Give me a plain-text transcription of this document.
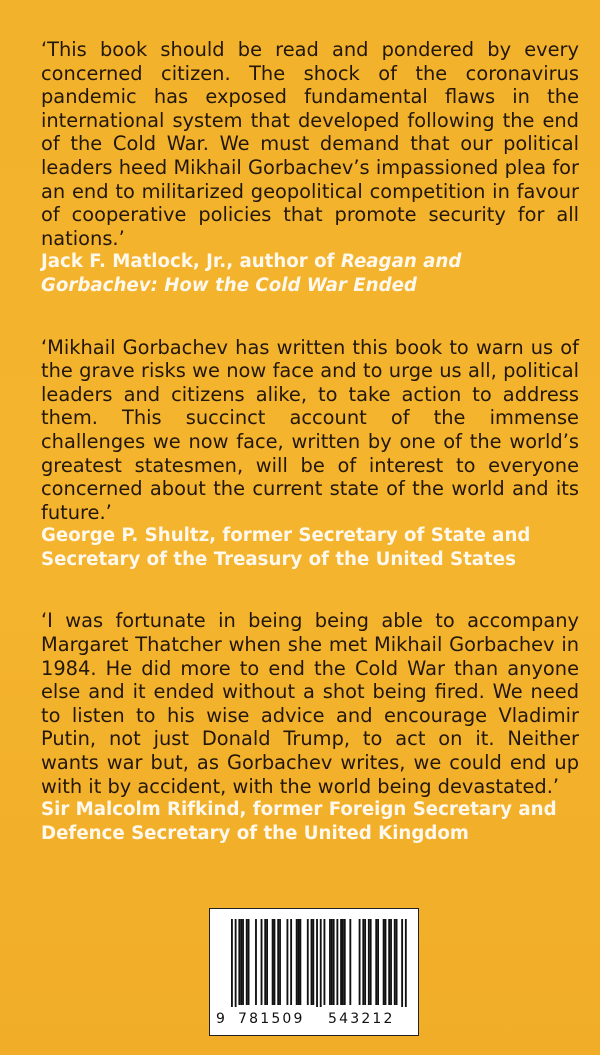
‘This book should be read and pondered by every concerned citizen. The shock of the coronavirus pandemic has exposed fundamental flaws in the international system that developed following the end of the Cold War. We must demand that our political leaders heed Mikhail Gorbachev’s impassioned plea for an end to militarized geopolitical competition in favour of cooperative policies that promote security for all nations.’

Jack F. Matlock, Jr., author of Reagan and Gorbachev: How the Cold War Ended

‘Mikhail Gorbachev has written this book to warn us of the grave risks we now face and to urge us all, political leaders and citizens alike, to take action to address them. This succinct account of the immense challenges we now face, written by one of the world’s greatest statesmen, will be of interest to everyone concerned about the current state of the world and its future.’

George P. Shultz, former Secretary of State and Secretary of the Treasury of the United States

‘I was fortunate in being being able to accompany Margaret Thatcher when she met Mikhail Gorbachev in 1984. He did more to end the Cold War than anyone else and it ended without a shot being fired. We need to listen to his wise advice and encourage Vladimir Putin, not just Donald Trump, to act on it. Neither wants war but, as Gorbachev writes, we could end up with it by accident, with the world being devastated.’

Sir Malcolm Rifkind, former Foreign Secretary and Defence Secretary of the United Kingdom

9 781509 543212
